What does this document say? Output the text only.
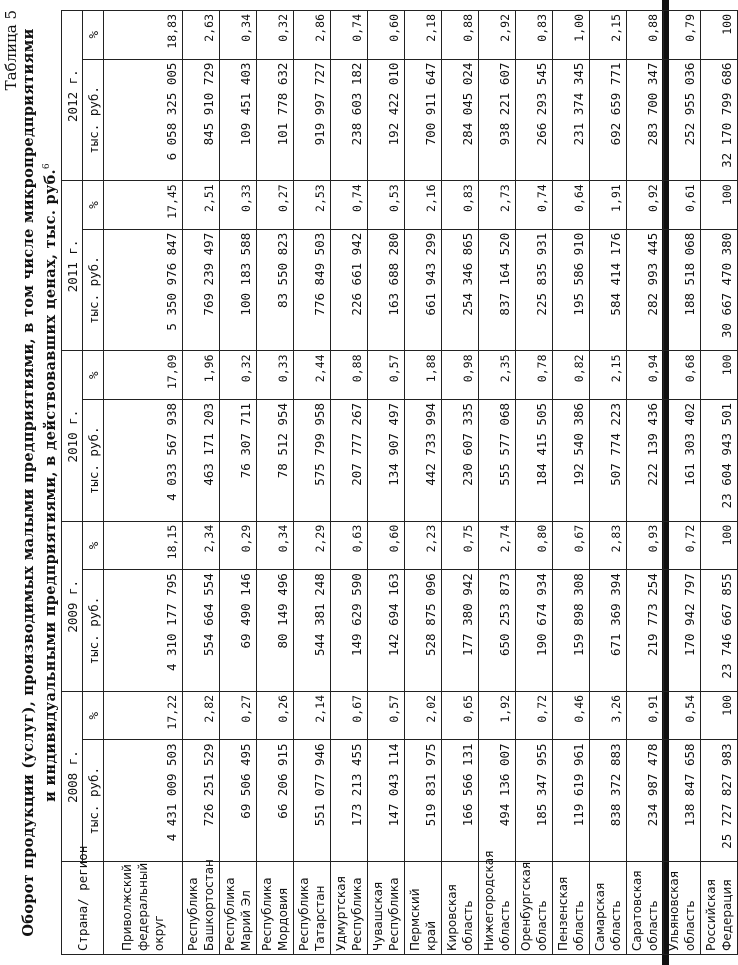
Таблица 5 Оборот продукции (услуг), производимых малыми предприятиями, в том числе микропредприятиями и индивидуальными предприятиями, в действовавших ценах, тыс. руб.$^6$
Страна/ регион	2008 г.		2009 г.		2010 г.		2011 г.		2012 г.	
	тыс. руб.	%	тыс. руб.	%	тыс. руб.	%	тыс. руб.	%	тыс. руб.	%
Приволжский федеральный округ	4 431 009 503	17,22	4 310 177 795	18,15	4 033 567 938	17,09	5 350 976 847	17,45	6 058 325 005	18,83
Республика Башкортостан	726 251 529	2,82	554 664 554	2,34	463 171 203	1,96	769 239 497	2,51	845 910 729	2,63
Республика Марий Эл	69 506 495	0,27	69 490 146	0,29	76 307 711	0,32	100 183 588	0,33	109 451 403	0,34
Республика Мордовия	66 206 915	0,26	80 149 496	0,34	78 512 954	0,33	83 550 823	0,27	101 778 632	0,32
Республика Татарстан	551 077 946	2,14	544 381 248	2,29	575 799 958	2,44	776 849 503	2,53	919 997 727	2,86
Удмуртская Республика	173 213 455	0,67	149 629 590	0,63	207 777 267	0,88	226 661 942	0,74	238 603 182	0,74
Чувашская Республика	147 043 114	0,57	142 694 163	0,60	134 907 497	0,57	163 688 280	0,53	192 422 010	0,60
Пермский край	519 831 975	2,02	528 875 096	2,23	442 733 994	1,88	661 943 299	2,16	700 911 647	2,18
Кировская область	166 566 131	0,65	177 380 942	0,75	230 607 335	0,98	254 346 865	0,83	284 045 024	0,88
Нижегородская область	494 136 007	1,92	650 253 873	2,74	555 577 068	2,35	837 164 520	2,73	938 221 607	2,92
Оренбургская область	185 347 955	0,72	190 674 934	0,80	184 415 505	0,78	225 835 931	0,74	266 293 545	0,83
Пензенская область	119 619 961	0,46	159 898 308	0,67	192 540 386	0,82	195 586 910	0,64	231 374 345	1,00
Самарская область	838 372 883	3,26	671 369 394	2,83	507 774 223	2,15	584 414 176	1,91	692 659 771	2,15
Саратовская область	234 987 478	0,91	219 773 254	0,93	222 139 436	0,94	282 993 445	0,92	283 700 347	0,88
Ульяновская область	138 847 658	0,54	170 942 797	0,72	161 303 402	0,68	188 518 068	0,61	252 955 036	0,79
Российская Федерация	25 727 827 983	100	23 746 667 855	100	23 604 943 501	100	30 667 470 380	100	32 170 799 686	100
